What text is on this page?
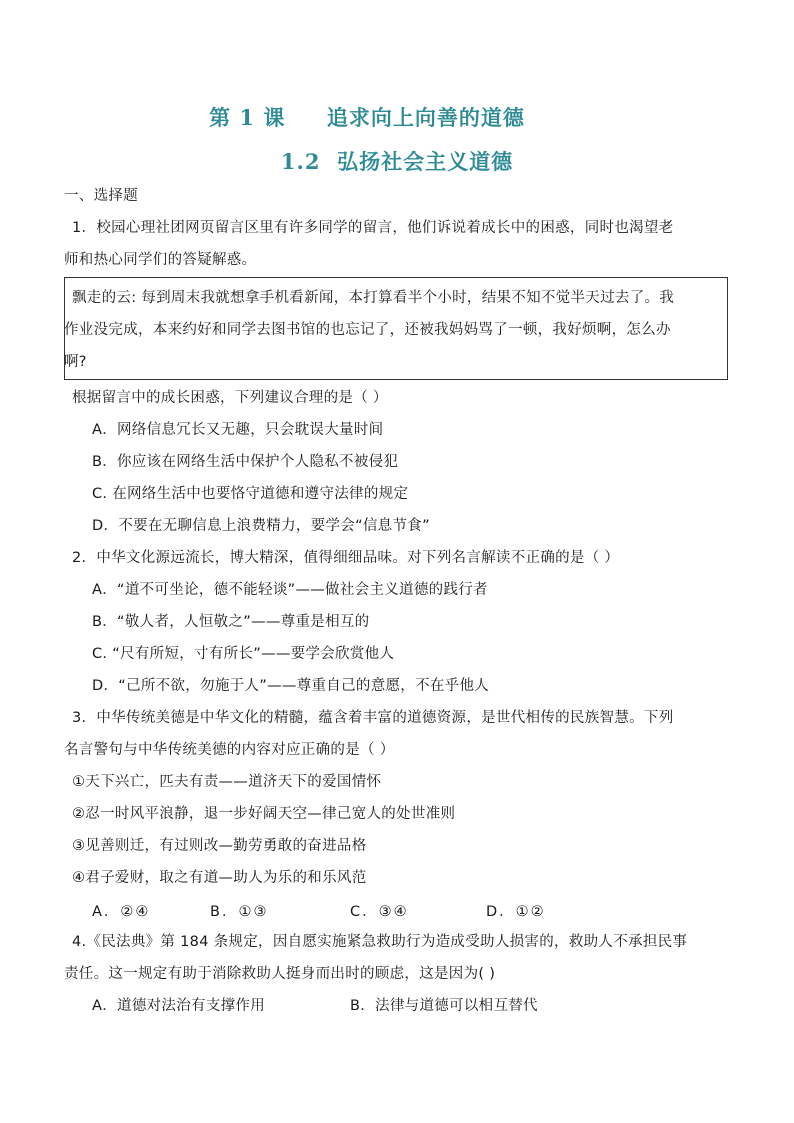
第 1 课     追求向上向善的道德
1.2  弘扬社会主义道德
一、选择题
1．校园心理社团网页留言区里有许多同学的留言，他们诉说着成长中的困惑，同时也渴望老
师和热心同学们的答疑解惑。
飘走的云: 每到周末我就想拿手机看新闻，本打算看半个小时，结果不知不觉半天过去了。我
作业没完成，本来约好和同学去图书馆的也忘记了，还被我妈妈骂了一顿，我好烦啊，怎么办
啊?
根据留言中的成长困惑，下列建议合理的是（ ）
A．网络信息冗长又无趣，只会耽误大量时间
B．你应该在网络生活中保护个人隐私不被侵犯
C. 在网络生活中也要恪守道德和遵守法律的规定
D．不要在无聊信息上浪费精力，要学会“信息节食”
2．中华文化源远流长，博大精深，值得细细品味。对下列名言解读不正确的是（ ）
A．“道不可坐论，德不能轻谈”——做社会主义道德的践行者
B．“敬人者，人恒敬之”——尊重是相互的
C. “尺有所短，寸有所长”——要学会欣赏他人
D．“己所不欲，勿施于人”——尊重自己的意愿，不在乎他人
3．中华传统美德是中华文化的精髓，蕴含着丰富的道德资源，是世代相传的民族智慧。下列
名言警句与中华传统美德的内容对应正确的是（ ）
①天下兴亡，匹夫有责——道济天下的爱国情怀
②忍一时风平浪静，退一步好阔天空—律己宽人的处世准则
③见善则迁，有过则改—勤劳勇敢的奋进品格
④君子爱财，取之有道—助人为乐的和乐风范
A．②④	B．①③	C．③④	D．①②
4.《民法典》第 184 条规定，因自愿实施紧急救助行为造成受助人损害的，救助人不承担民事
责任。这一规定有助于消除救助人挺身而出时的顾虑，这是因为( )
A．道德对法治有支撑作用	B．法律与道德可以相互替代
